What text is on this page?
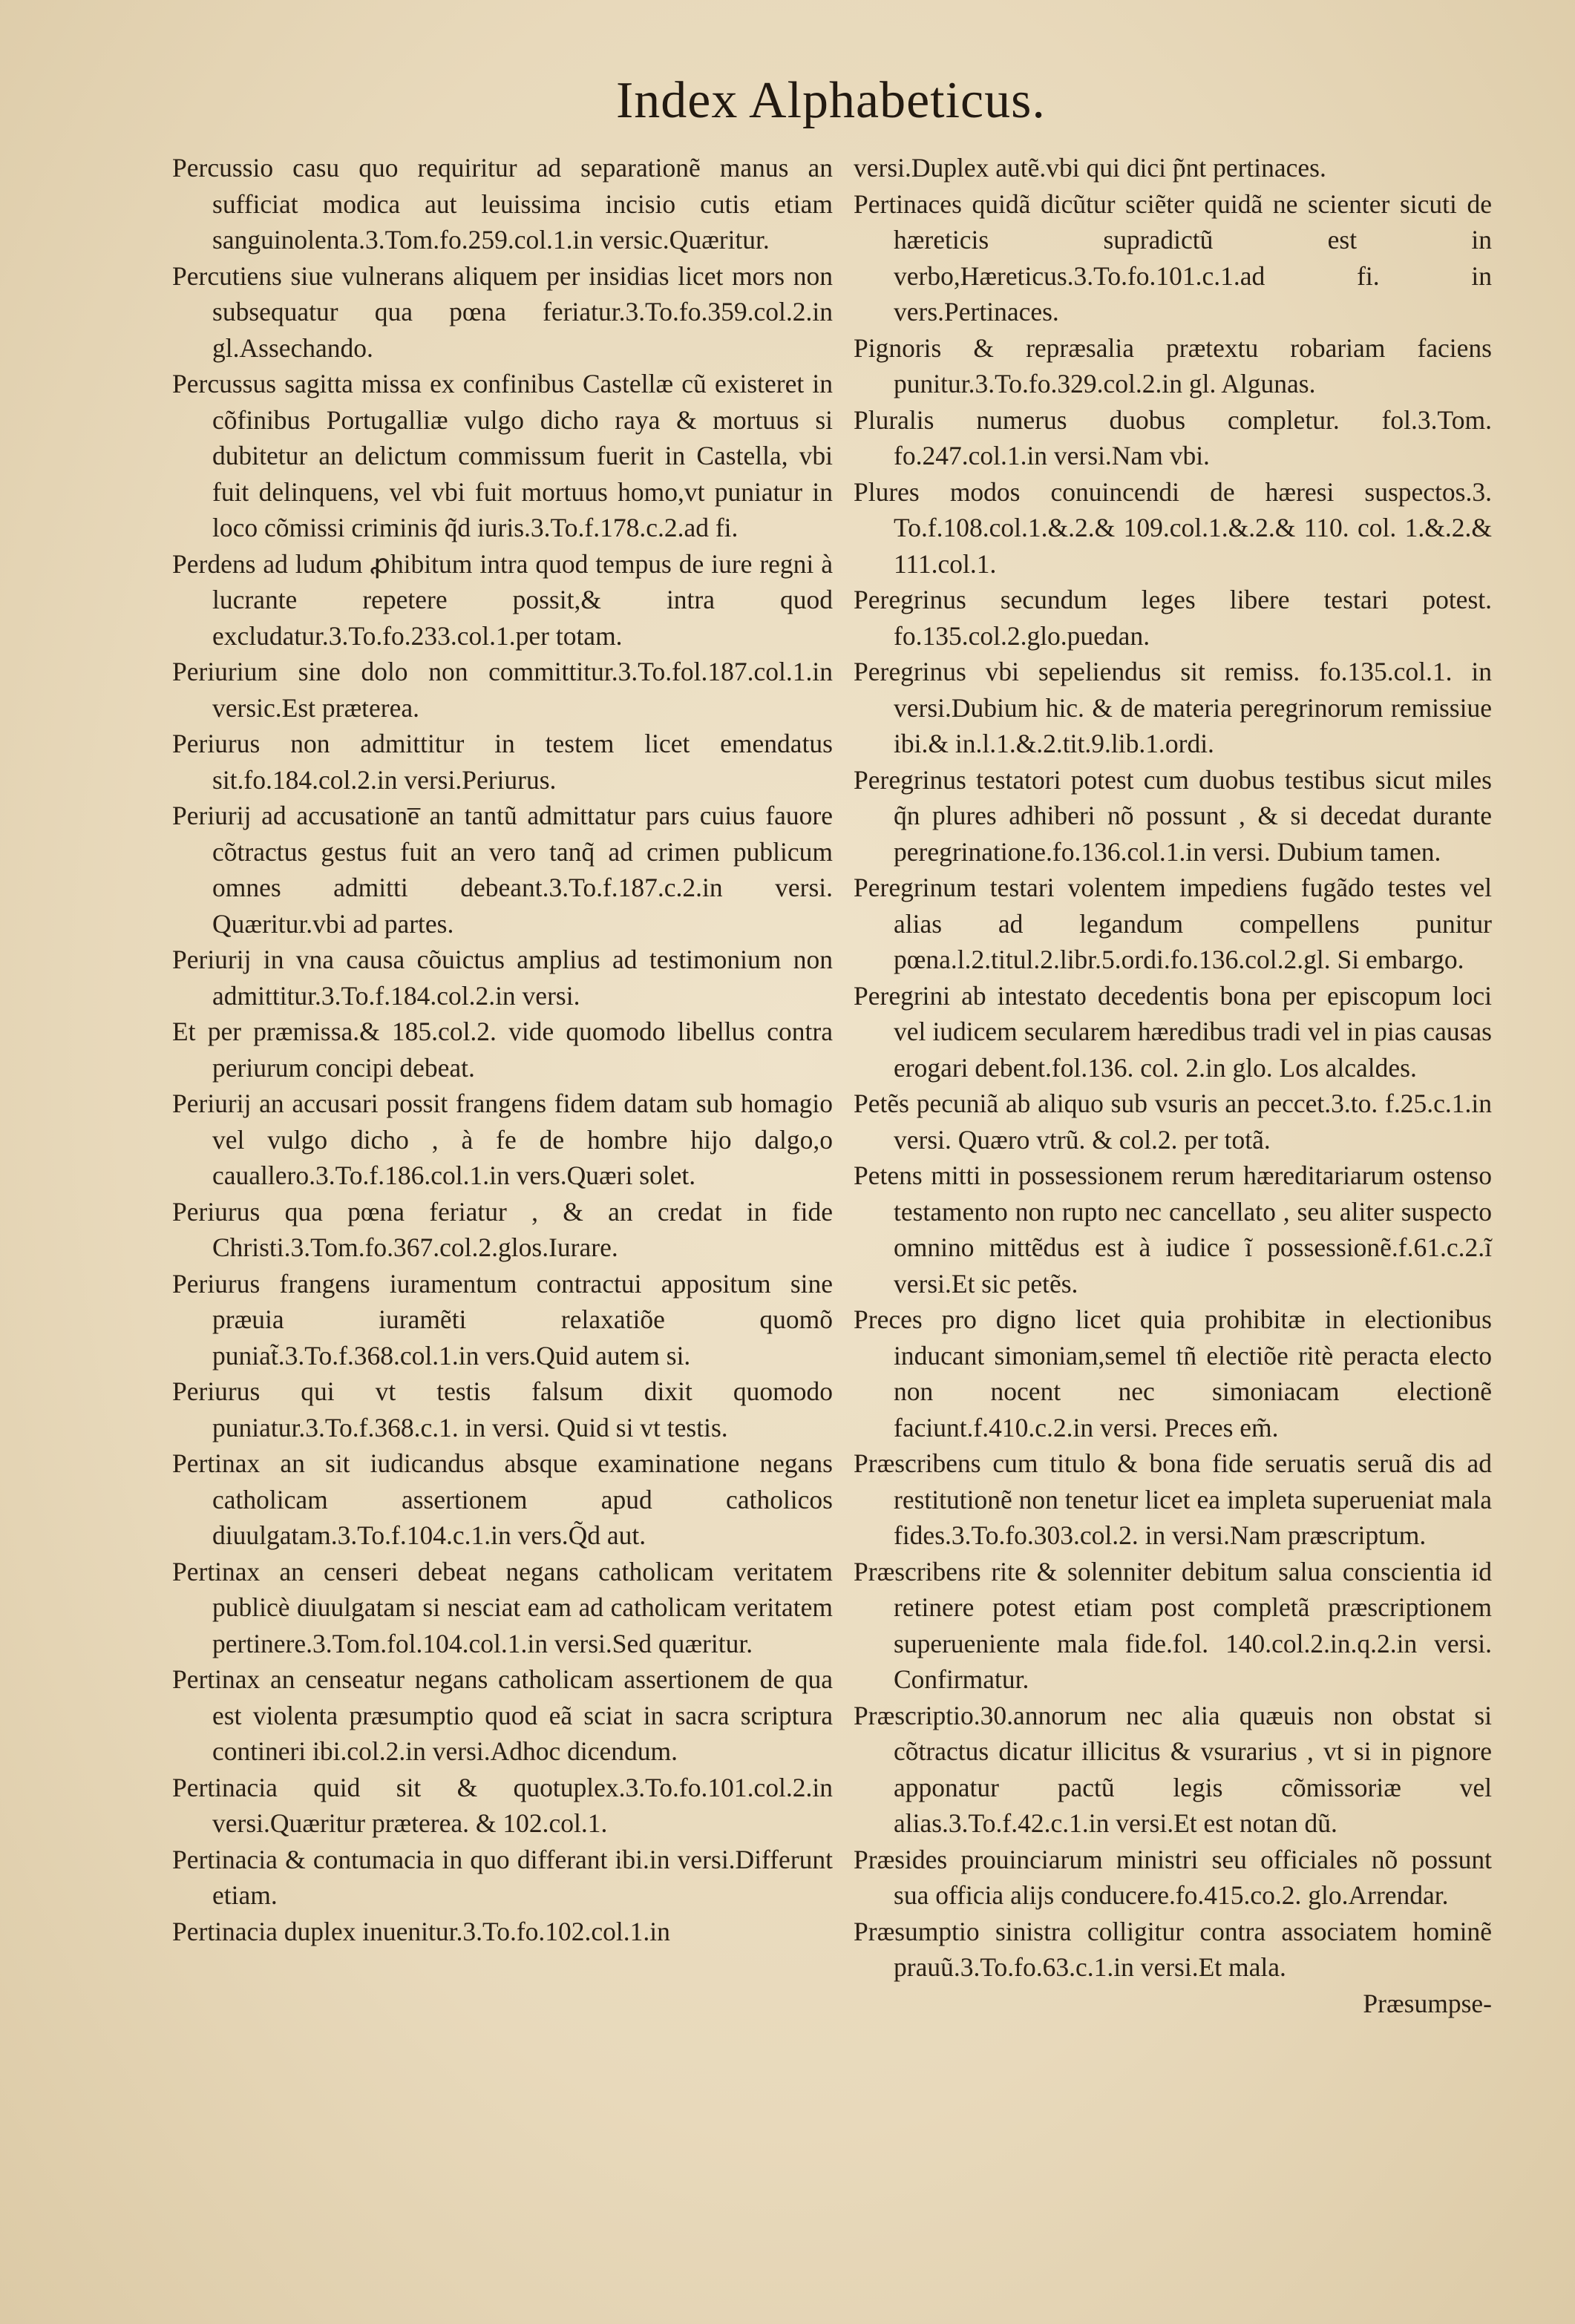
Index Alphabeticus.

Percussio casu quo requiritur ad separationẽ manus an sufficiat modica aut leuissima incisio cutis etiam sanguinolenta.3.Tom.fo.259.col.1.in versic.Quæritur.

Percutiens siue vulnerans aliquem per insidias licet mors non subsequatur qua pœna feriatur.3.To.fo.359.col.2.in gl.Assechando.

Percussus sagitta missa ex confinibus Castellæ cũ existeret in cõfinibus Portugalliæ vulgo dicho raya & mortuus si dubitetur an delictum commissum fuerit in Castella, vbi fuit delinquens, vel vbi fuit mortuus homo,vt puniatur in loco cõmissi criminis q̃d iuris.3.To.f.178.c.2.ad fi.

Perdens ad ludum ꝓhibitum intra quod tempus de iure regni à lucrante repetere possit,& intra quod excludatur.3.To.fo.233.col.1.per totam.

Periurium sine dolo non committitur.3.To.fol.187.col.1.in versic.Est præterea.

Periurus non admittitur in testem licet emendatus sit.fo.184.col.2.in versi.Periurus.

Periurij ad accusatione̅ an tantũ admittatur pars cuius fauore cõtractus gestus fuit an vero tanq̃ ad crimen publicum omnes admitti debeant.3.To.f.187.c.2.in versi. Quæritur.vbi ad partes.

Periurij in vna causa cõuictus amplius ad testimonium non admittitur.3.To.f.184.col.2.in versi.

Et per præmissa.& 185.col.2. vide quomodo libellus contra periurum concipi debeat.

Periurij an accusari possit frangens fidem datam sub homagio vel vulgo dicho , à fe de hombre hijo dalgo,o cauallero.3.To.f.186.col.1.in vers.Quæri solet.

Periurus qua pœna feriatur , & an credat in fide Christi.3.Tom.fo.367.col.2.glos.Iurare.

Periurus frangens iuramentum contractui appositum sine præuia iuramẽti relaxatiõe quomõ puniat̃.3.To.f.368.col.1.in vers.Quid autem si.

Periurus qui vt testis falsum dixit quomodo puniatur.3.To.f.368.c.1. in versi. Quid si vt testis.

Pertinax an sit iudicandus absque examinatione negans catholicam assertionem apud catholicos diuulgatam.3.To.f.104.c.1.in vers.Q̃d aut.

Pertinax an censeri debeat negans catholicam veritatem publicè diuulgatam si nesciat eam ad catholicam veritatem pertinere.3.Tom.fol.104.col.1.in versi.Sed quæritur.

Pertinax an censeatur negans catholicam assertionem de qua est violenta præsumptio quod eã sciat in sacra scriptura contineri ibi.col.2.in versi.Adhoc dicendum.

Pertinacia quid sit & quotuplex.3.To.fo.101.col.2.in versi.Quæritur præterea. & 102.col.1.

Pertinacia & contumacia in quo differant ibi.in versi.Differunt etiam.

Pertinacia duplex inuenitur.3.To.fo.102.col.1.in

versi.Duplex autẽ.vbi qui dici p̃nt pertinaces.

Pertinaces quidã dicũtur sciẽter quidã ne scienter sicuti de hæreticis supradictũ est in verbo,Hæreticus.3.To.fo.101.c.1.ad fi. in vers.Pertinaces.

Pignoris & repræsalia prætextu robariam faciens punitur.3.To.fo.329.col.2.in gl. Algunas.

Pluralis numerus duobus completur. fol.3.Tom. fo.247.col.1.in versi.Nam vbi.

Plures modos conuincendi de hæresi suspectos.3. To.f.108.col.1.&.2.& 109.col.1.&.2.& 110. col. 1.&.2.& 111.col.1.

Peregrinus secundum leges libere testari potest. fo.135.col.2.glo.puedan.

Peregrinus vbi sepeliendus sit remiss. fo.135.col.1. in versi.Dubium hic. & de materia peregrinorum remissiue ibi.& in.l.1.&.2.tit.9.lib.1.ordi.

Peregrinus testatori potest cum duobus testibus sicut miles q̃n plures adhiberi nõ possunt , & si decedat durante peregrinatione.fo.136.col.1.in versi. Dubium tamen.

Peregrinum testari volentem impediens fugãdo testes vel alias ad legandum compellens punitur pœna.l.2.titul.2.libr.5.ordi.fo.136.col.2.gl. Si embargo.

Peregrini ab intestato decedentis bona per episcopum loci vel iudicem secularem hæredibus tradi vel in pias causas erogari debent.fol.136. col. 2.in glo. Los alcaldes.

Petẽs pecuniã ab aliquo sub vsuris an peccet.3.to. f.25.c.1.in versi. Quæro vtrũ. & col.2. per totã.

Petens mitti in possessionem rerum hæreditariarum ostenso testamento non rupto nec cancellato , seu aliter suspecto omnino mittẽdus est à iudice ĩ possessionẽ.f.61.c.2.ĩ versi.Et sic petẽs.

Preces pro digno licet quia prohibitæ in electionibus inducant simoniam,semel tñ electiõe ritè peracta electo non nocent nec simoniacam electionẽ faciunt.f.410.c.2.in versi. Preces em̃.

Præscribens cum titulo & bona fide seruatis seruã dis ad restitutionẽ non tenetur licet ea impleta superueniat mala fides.3.To.fo.303.col.2. in versi.Nam præscriptum.

Præscribens rite & solenniter debitum salua conscientia id retinere potest etiam post completã præscriptionem superueniente mala fide.fol. 140.col.2.in.q.2.in versi. Confirmatur.

Præscriptio.30.annorum nec alia quæuis non obstat si cõtractus dicatur illicitus & vsurarius , vt si in pignore apponatur pactũ legis cõmissoriæ vel alias.3.To.f.42.c.1.in versi.Et est notan dũ.

Præsides prouinciarum ministri seu officiales nõ possunt sua officia alijs conducere.fo.415.co.2. glo.Arrendar.

Præsumptio sinistra colligitur contra associatem hominẽ prauũ.3.To.fo.63.c.1.in versi.Et mala.

Præsumpse-
